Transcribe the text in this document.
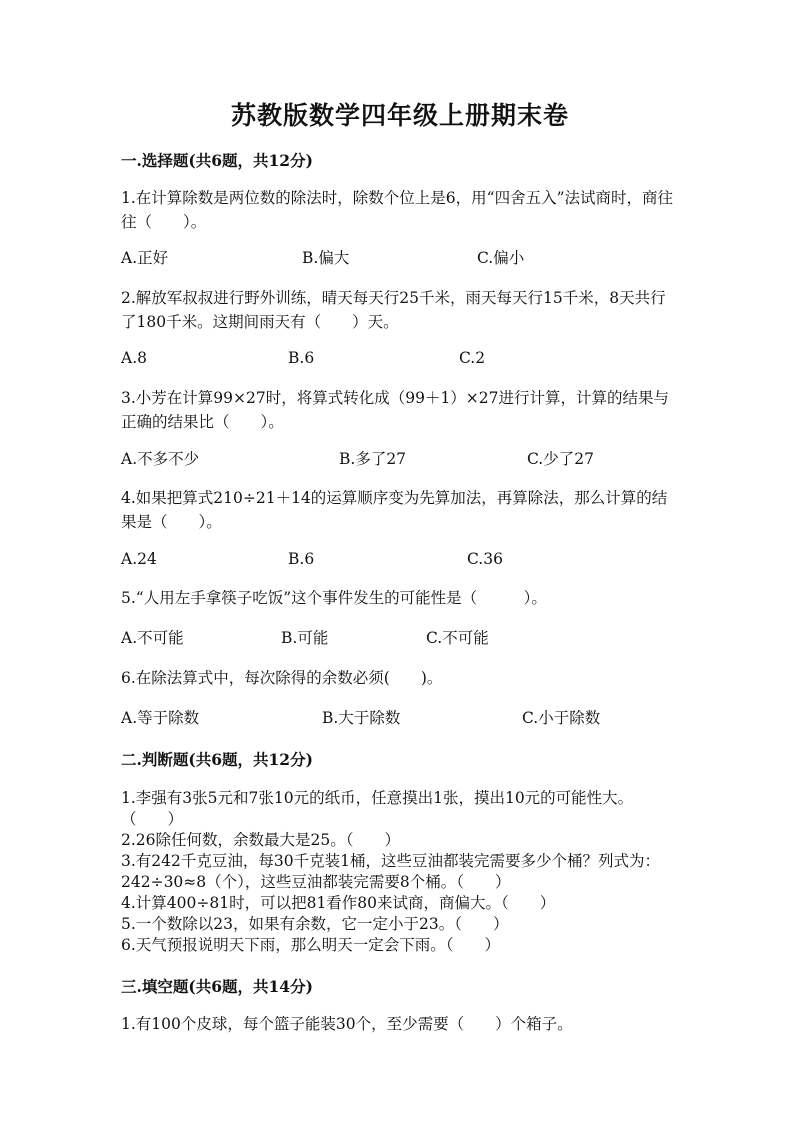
苏教版数学四年级上册期末卷
一.选择题(共6题，共12分)
1.在计算除数是两位数的除法时，除数个位上是6，用“四舍五入”法试商时，商往往（　　）。
A.正好	B.偏大	C.偏小
2.解放军叔叔进行野外训练，晴天每天行25千米，雨天每天行15千米，8天共行了180千米。这期间雨天有（　　）天。
A.8	B.6	C.2
3.小芳在计算99×27时，将算式转化成（99＋1）×27进行计算，计算的结果与正确的结果比（　　）。
A.不多不少	B.多了27	C.少了27
4.如果把算式210÷21＋14的运算顺序变为先算加法，再算除法，那么计算的结果是（　　）。
A.24	B.6	C.36
5.“人用左手拿筷子吃饭”这个事件发生的可能性是（　　　）。
A.不可能	B.可能	C.不可能
6.在除法算式中，每次除得的余数必须(　　)。
A.等于除数	B.大于除数	C.小于除数
二.判断题(共6题，共12分)
1.李强有3张5元和7张10元的纸币，任意摸出1张，摸出10元的可能性大。　　（　　）
2.26除任何数，余数最大是25。（　　）
3.有242千克豆油，每30千克装1桶，这些豆油都装完需要多少个桶？列式为：242÷30≈8（个），这些豆油都装完需要8个桶。（　　）
4.计算400÷81时，可以把81看作80来试商，商偏大。（　　）
5.一个数除以23，如果有余数，它一定小于23。（　　）
6.天气预报说明天下雨，那么明天一定会下雨。（　　）
三.填空题(共6题，共14分)
1.有100个皮球，每个篮子能装30个，至少需要（　　）个箱子。
